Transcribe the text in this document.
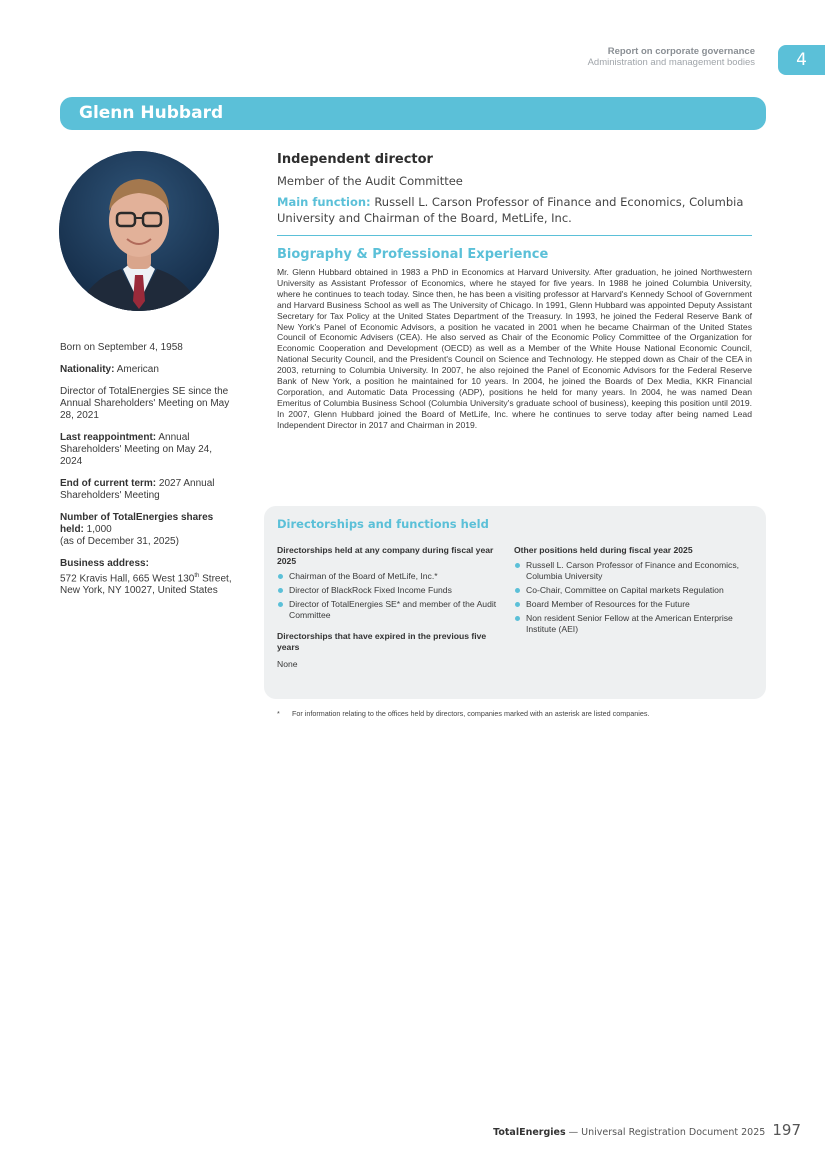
Report on corporate governance
Administration and management bodies	4
Glenn Hubbard

Born on September 4, 1958

Nationality: American

Director of TotalEnergies SE since the Annual Shareholders' Meeting on May 28, 2021

Last reappointment: Annual Shareholders' Meeting on May 24, 2024

End of current term: 2027 Annual Shareholders' Meeting

Number of TotalEnergies shares held: 1,000
(as of December 31, 2025)

Business address:
572 Kravis Hall, 665 West 130th Street, New York, NY 10027, United States

Independent director
Member of the Audit Committee
Main function: Russell L. Carson Professor of Finance and Economics, Columbia University and Chairman of the Board, MetLife, Inc.
Biography & Professional Experience
Mr. Glenn Hubbard obtained in 1983 a PhD in Economics at Harvard University. After graduation, he joined Northwestern University as Assistant Professor of Economics, where he stayed for five years. In 1988 he joined Columbia University, where he continues to teach today. Since then, he has been a visiting professor at Harvard's Kennedy School of Government and Harvard Business School as well as The University of Chicago. In 1991, Glenn Hubbard was appointed Deputy Assistant Secretary for Tax Policy at the United States Department of the Treasury. In 1993, he joined the Federal Reserve Bank of New York's Panel of Economic Advisors, a position he vacated in 2001 when he became Chairman of the United States Council of Economic Advisers (CEA). He also served as Chair of the Economic Policy Committee of the Organization for Economic Cooperation and Development (OECD) as well as a Member of the White House National Economic Council, National Security Council, and the President's Council on Science and Technology. He stepped down as Chair of the CEA in 2003, returning to Columbia University. In 2007, he also rejoined the Panel of Economic Advisors for the Federal Reserve Bank of New York, a position he maintained for 10 years. In 2004, he joined the Boards of Dex Media, KKR Financial Corporation, and Automatic Data Processing (ADP), positions he held for many years. In 2004, he was named Dean Emeritus of Columbia Business School (Columbia University's graduate school of business), keeping this position until 2019. In 2007, Glenn Hubbard joined the Board of MetLife, Inc. where he continues to serve today after being named Lead Independent Director in 2017 and Chairman in 2019.
Directorships and functions held
Directorships held at any company during fiscal year 2025
Chairman of the Board of MetLife, Inc.*
Director of BlackRock Fixed Income Funds
Director of TotalEnergies SE* and member of the Audit Committee
Directorships that have expired in the previous five years
None
Other positions held during fiscal year 2025
Russell L. Carson Professor of Finance and Economics, Columbia University
Co-Chair, Committee on Capital markets Regulation
Board Member of Resources for the Future
Non resident Senior Fellow at the American Enterprise Institute (AEI)
* For information relating to the offices held by directors, companies marked with an asterisk are listed companies.
TotalEnergies — Universal Registration Document 2025 197
